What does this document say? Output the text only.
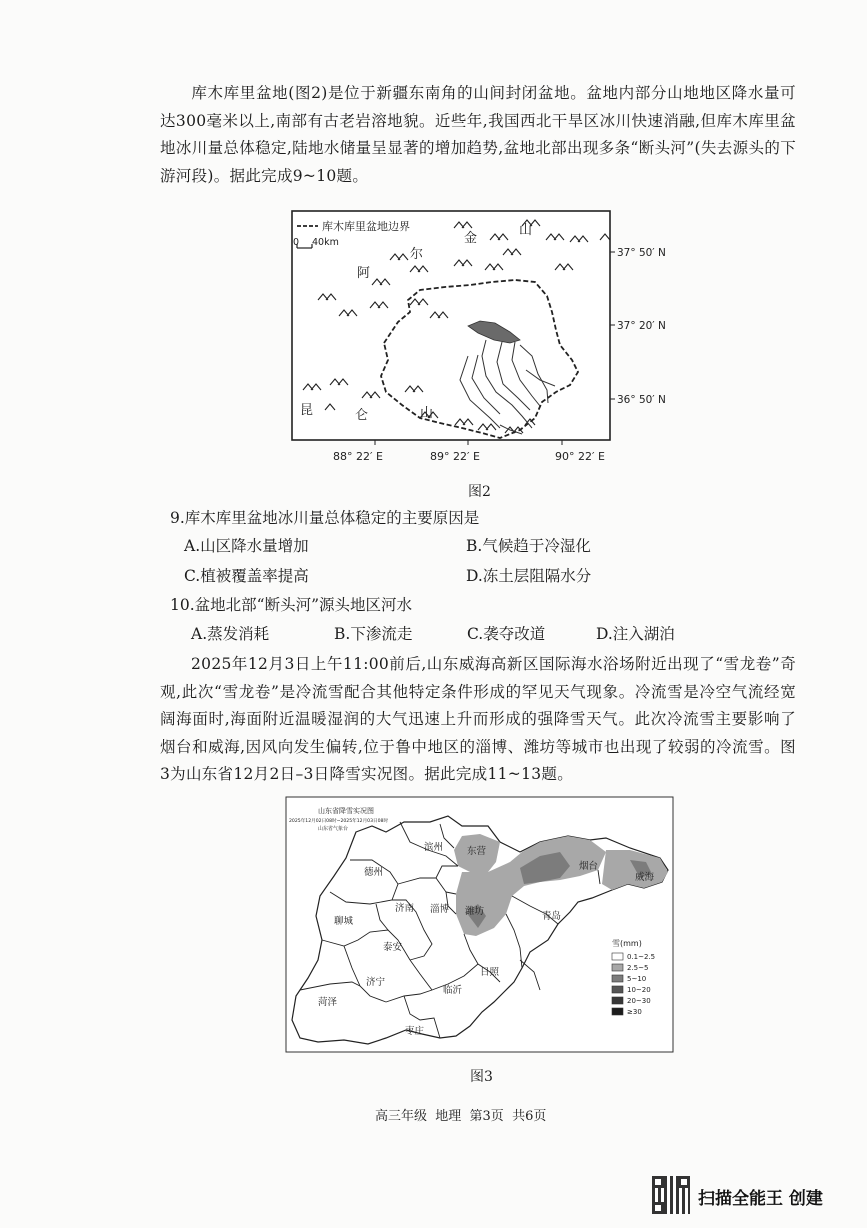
库木库里盆地(图2)是位于新疆东南角的山间封闭盆地。盆地内部分山地地区降水量可达300毫米以上,南部有古老岩溶地貌。近些年,我国西北干旱区冰川快速消融,但库木库里盆地冰川量总体稳定,陆地水储量呈显著的增加趋势,盆地北部出现多条“断头河”(失去源头的下游河段)。据此完成9~10题。

库木库里盆地边界
0 40km
阿
尔
金
山
昆	仑	山
37° 50′ N
37° 20′ N
36° 50′ N
88° 22′ E	89° 22′ E	90° 22′ E
图2
9.库木库里盆地冰川量总体稳定的主要原因是
A.山区降水量增加	B.气候趋于冷湿化
C.植被覆盖率提高	D.冻土层阻隔水分
10.盆地北部“断头河”源头地区河水
A.蒸发消耗	B.下渗流走	C.袭夺改道	D.注入湖泊

2025年12月3日上午11:00前后,山东威海高新区国际海水浴场附近出现了“雪龙卷”奇观,此次“雪龙卷”是冷流雪配合其他特定条件形成的罕见天气现象。冷流雪是冷空气流经宽阔海面时,海面附近温暖湿润的大气迅速上升而形成的强降雪天气。此次冷流雪主要影响了烟台和威海,因风向发生偏转,位于鲁中地区的淄博、潍坊等城市也出现了较弱的冷流雪。图3为山东省12月2日–3日降雪实况图。据此完成11~13题。

山东省降雪实况图
2025年12月02日08时~2025年12月03日08时
山东省气象台
滨州	东营
德州
烟台
威海
聊城
济南 淄博 潍坊	青岛
泰安
日照
菏泽
济宁
临沂
枣庄
雪(mm)
0.1~2.5
2.5~5
5~10
10~20
20~30
≥30
图3
高三年级  地理  第3页  共6页
扫描全能王 创建
